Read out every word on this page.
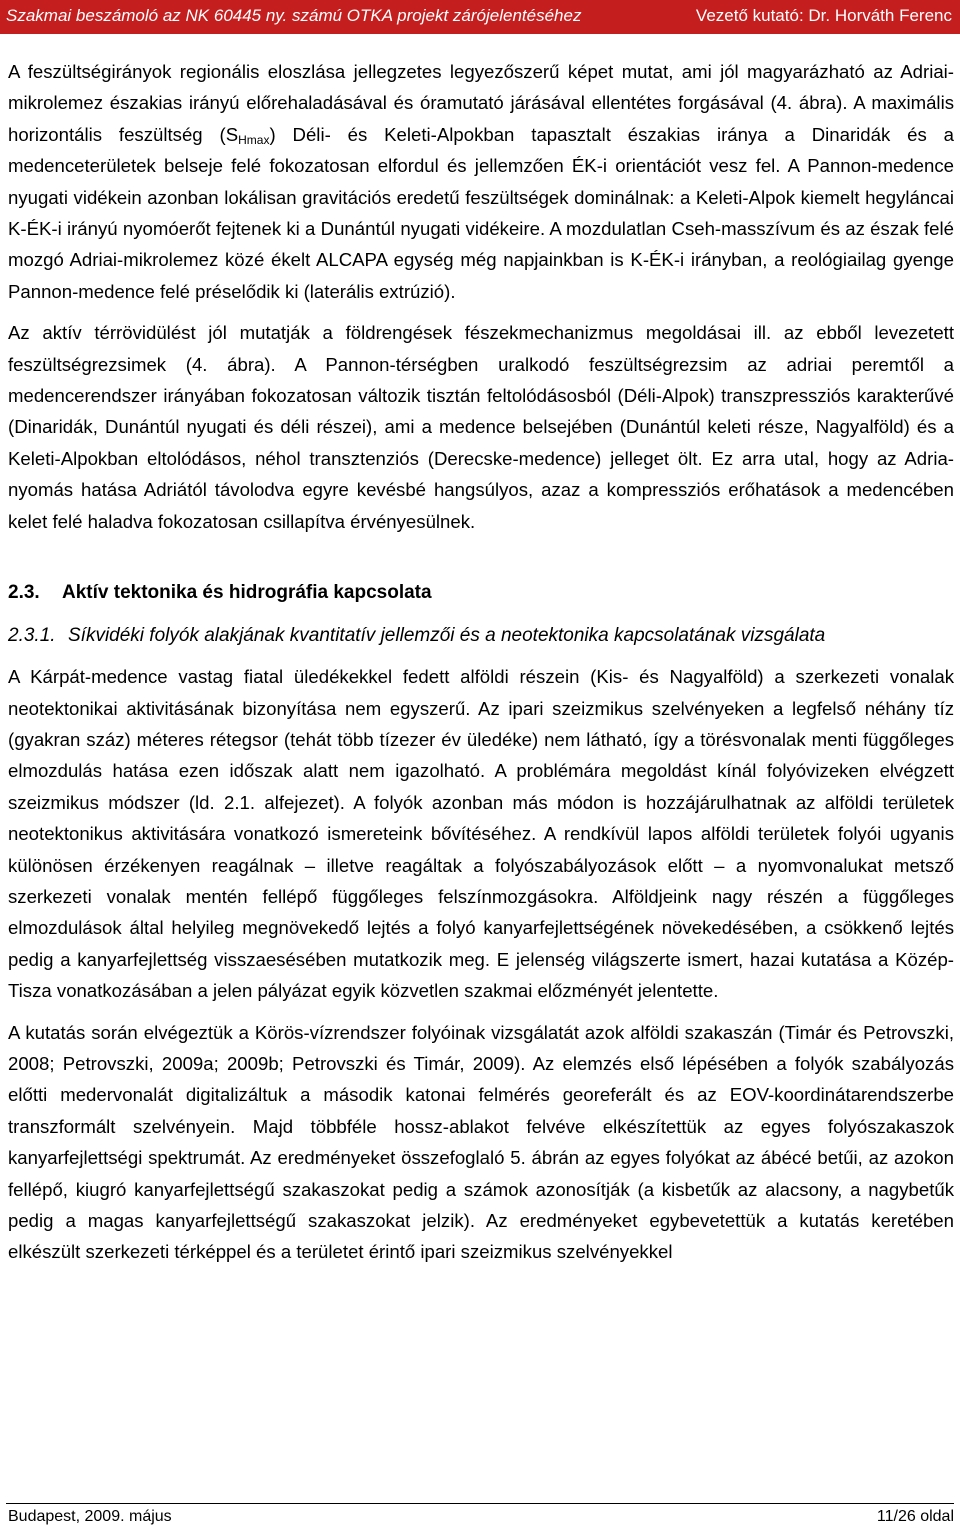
Szakmai beszámoló az NK 60445 ny. számú OTKA projekt zárójelentéséhez	Vezető kutató: Dr. Horváth Ferenc

A feszültségirányok regionális eloszlása jellegzetes legyezőszerű képet mutat, ami jól magyarázható az Adriai-mikrolemez északias irányú előrehaladásával és óramutató járásával ellentétes forgásával (4. ábra). A maximális horizontális feszültség $(S_{Hmax})$ Déli- és Keleti-Alpokban tapasztalt északias iránya a Dinaridák és a medenceterületek belseje felé fokozatosan elfordul és jellemzően ÉK-i orientációt vesz fel. A Pannon-medence nyugati vidékein azonban lokálisan gravitációs eredetű feszültségek dominálnak: a Keleti-Alpok kiemelt hegyláncai K-ÉK-i irányú nyomóerőt fejtenek ki a Dunántúl nyugati vidékeire. A mozdulatlan Cseh-masszívum és az észak felé mozgó Adriai-mikrolemez közé ékelt ALCAPA egység még napjainkban is K-ÉK-i irányban, a reológiailag gyenge Pannon-medence felé préselődik ki (laterális extrúzió).

Az aktív térrövidülést jól mutatják a földrengések fészekmechanizmus megoldásai ill. az ebből levezetett feszültségrezsimek (4. ábra). A Pannon-térségben uralkodó feszültségrezsim az adriai peremtől a medencerendszer irányában fokozatosan változik tisztán feltolódásosból (Déli-Alpok) transzpressziós karakterűvé (Dinaridák, Dunántúl nyugati és déli részei), ami a medence belsejében (Dunántúl keleti része, Nagyalföld) és a Keleti-Alpokban eltolódásos, néhol transztenziós (Derecske-medence) jelleget ölt. Ez arra utal, hogy az Adria-nyomás hatása Adriától távolodva egyre kevésbé hangsúlyos, azaz a kompressziós erőhatások a medencében kelet felé haladva fokozatosan csillapítva érvényesülnek.

2.3. Aktív tektonika és hidrográfia kapcsolata
2.3.1. Síkvidéki folyók alakjának kvantitatív jellemzői és a neotektonika kapcsolatának vizsgálata

A Kárpát-medence vastag fiatal üledékekkel fedett alföldi részein (Kis- és Nagyalföld) a szerkezeti vonalak neotektonikai aktivitásának bizonyítása nem egyszerű. Az ipari szeizmikus szelvényeken a legfelső néhány tíz (gyakran száz) méteres rétegsor (tehát több tízezer év üledéke) nem látható, így a törésvonalak menti függőleges elmozdulás hatása ezen időszak alatt nem igazolható. A problémára megoldást kínál folyóvizeken elvégzett szeizmikus módszer (ld. 2.1. alfejezet). A folyók azonban más módon is hozzájárulhatnak az alföldi területek neotektonikus aktivitására vonatkozó ismereteink bővítéséhez. A rendkívül lapos alföldi területek folyói ugyanis különösen érzékenyen reagálnak – illetve reagáltak a folyószabályozások előtt – a nyomvonalukat metsző szerkezeti vonalak mentén fellépő függőleges felszínmozgásokra. Alföldjeink nagy részén a függőleges elmozdulások által helyileg megnövekedő lejtés a folyó kanyarfejlettségének növekedésében, a csökkenő lejtés pedig a kanyarfejlettség visszaesésében mutatkozik meg. E jelenség világszerte ismert, hazai kutatása a Közép-Tisza vonatkozásában a jelen pályázat egyik közvetlen szakmai előzményét jelentette.

A kutatás során elvégeztük a Körös-vízrendszer folyóinak vizsgálatát azok alföldi szakaszán (Timár és Petrovszki, 2008; Petrovszki, 2009a; 2009b; Petrovszki és Timár, 2009). Az elemzés első lépésében a folyók szabályozás előtti medervonalát digitalizáltuk a második katonai felmérés georeferált és az EOV-koordinátarendszerbe transzformált szelvényein. Majd többféle hossz-ablakot felvéve elkészítettük az egyes folyószakaszok kanyarfejlettségi spektrumát. Az eredményeket összefoglaló 5. ábrán az egyes folyókat az ábécé betűi, az azokon fellépő, kiugró kanyarfejlettségű szakaszokat pedig a számok azonosítják (a kisbetűk az alacsony, a nagybetűk pedig a magas kanyarfejlettségű szakaszokat jelzik). Az eredményeket egybevetettük a kutatás keretében elkészült szerkezeti térképpel és a területet érintő ipari szeizmikus szelvényekkel

Budapest, 2009. május	11/26 oldal
